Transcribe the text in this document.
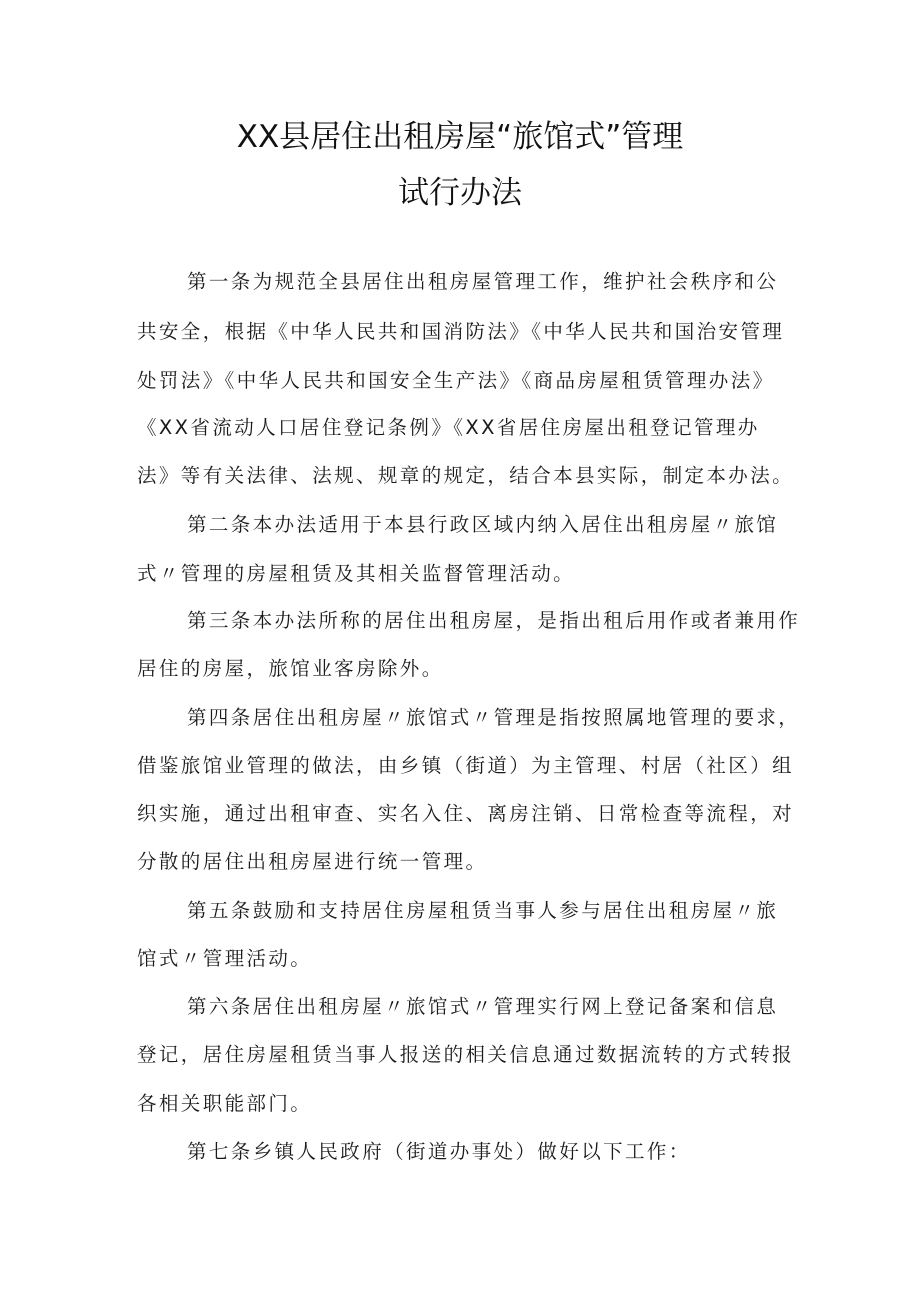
XX县居住出租房屋“旅馆式”管理
试行办法
第一条为规范全县居住出租房屋管理工作，维护社会秩序和公
共安全，根据《中华人民共和国消防法》《中华人民共和国治安管理
处罚法》《中华人民共和国安全生产法》《商品房屋租赁管理办法》
《XX省流动人口居住登记条例》《XX省居住房屋出租登记管理办
法》等有关法律、法规、规章的规定，结合本县实际，制定本办法。
第二条本办法适用于本县行政区域内纳入居住出租房屋〃旅馆
式〃管理的房屋租赁及其相关监督管理活动。
第三条本办法所称的居住出租房屋，是指出租后用作或者兼用作
居住的房屋，旅馆业客房除外。
第四条居住出租房屋〃旅馆式〃管理是指按照属地管理的要求，
借鉴旅馆业管理的做法，由乡镇（街道）为主管理、村居（社区）组
织实施，通过出租审查、实名入住、离房注销、日常检查等流程，对
分散的居住出租房屋进行统一管理。
第五条鼓励和支持居住房屋租赁当事人参与居住出租房屋〃旅
馆式〃管理活动。
第六条居住出租房屋〃旅馆式〃管理实行网上登记备案和信息
登记，居住房屋租赁当事人报送的相关信息通过数据流转的方式转报
各相关职能部门。
第七条乡镇人民政府（街道办事处）做好以下工作：
